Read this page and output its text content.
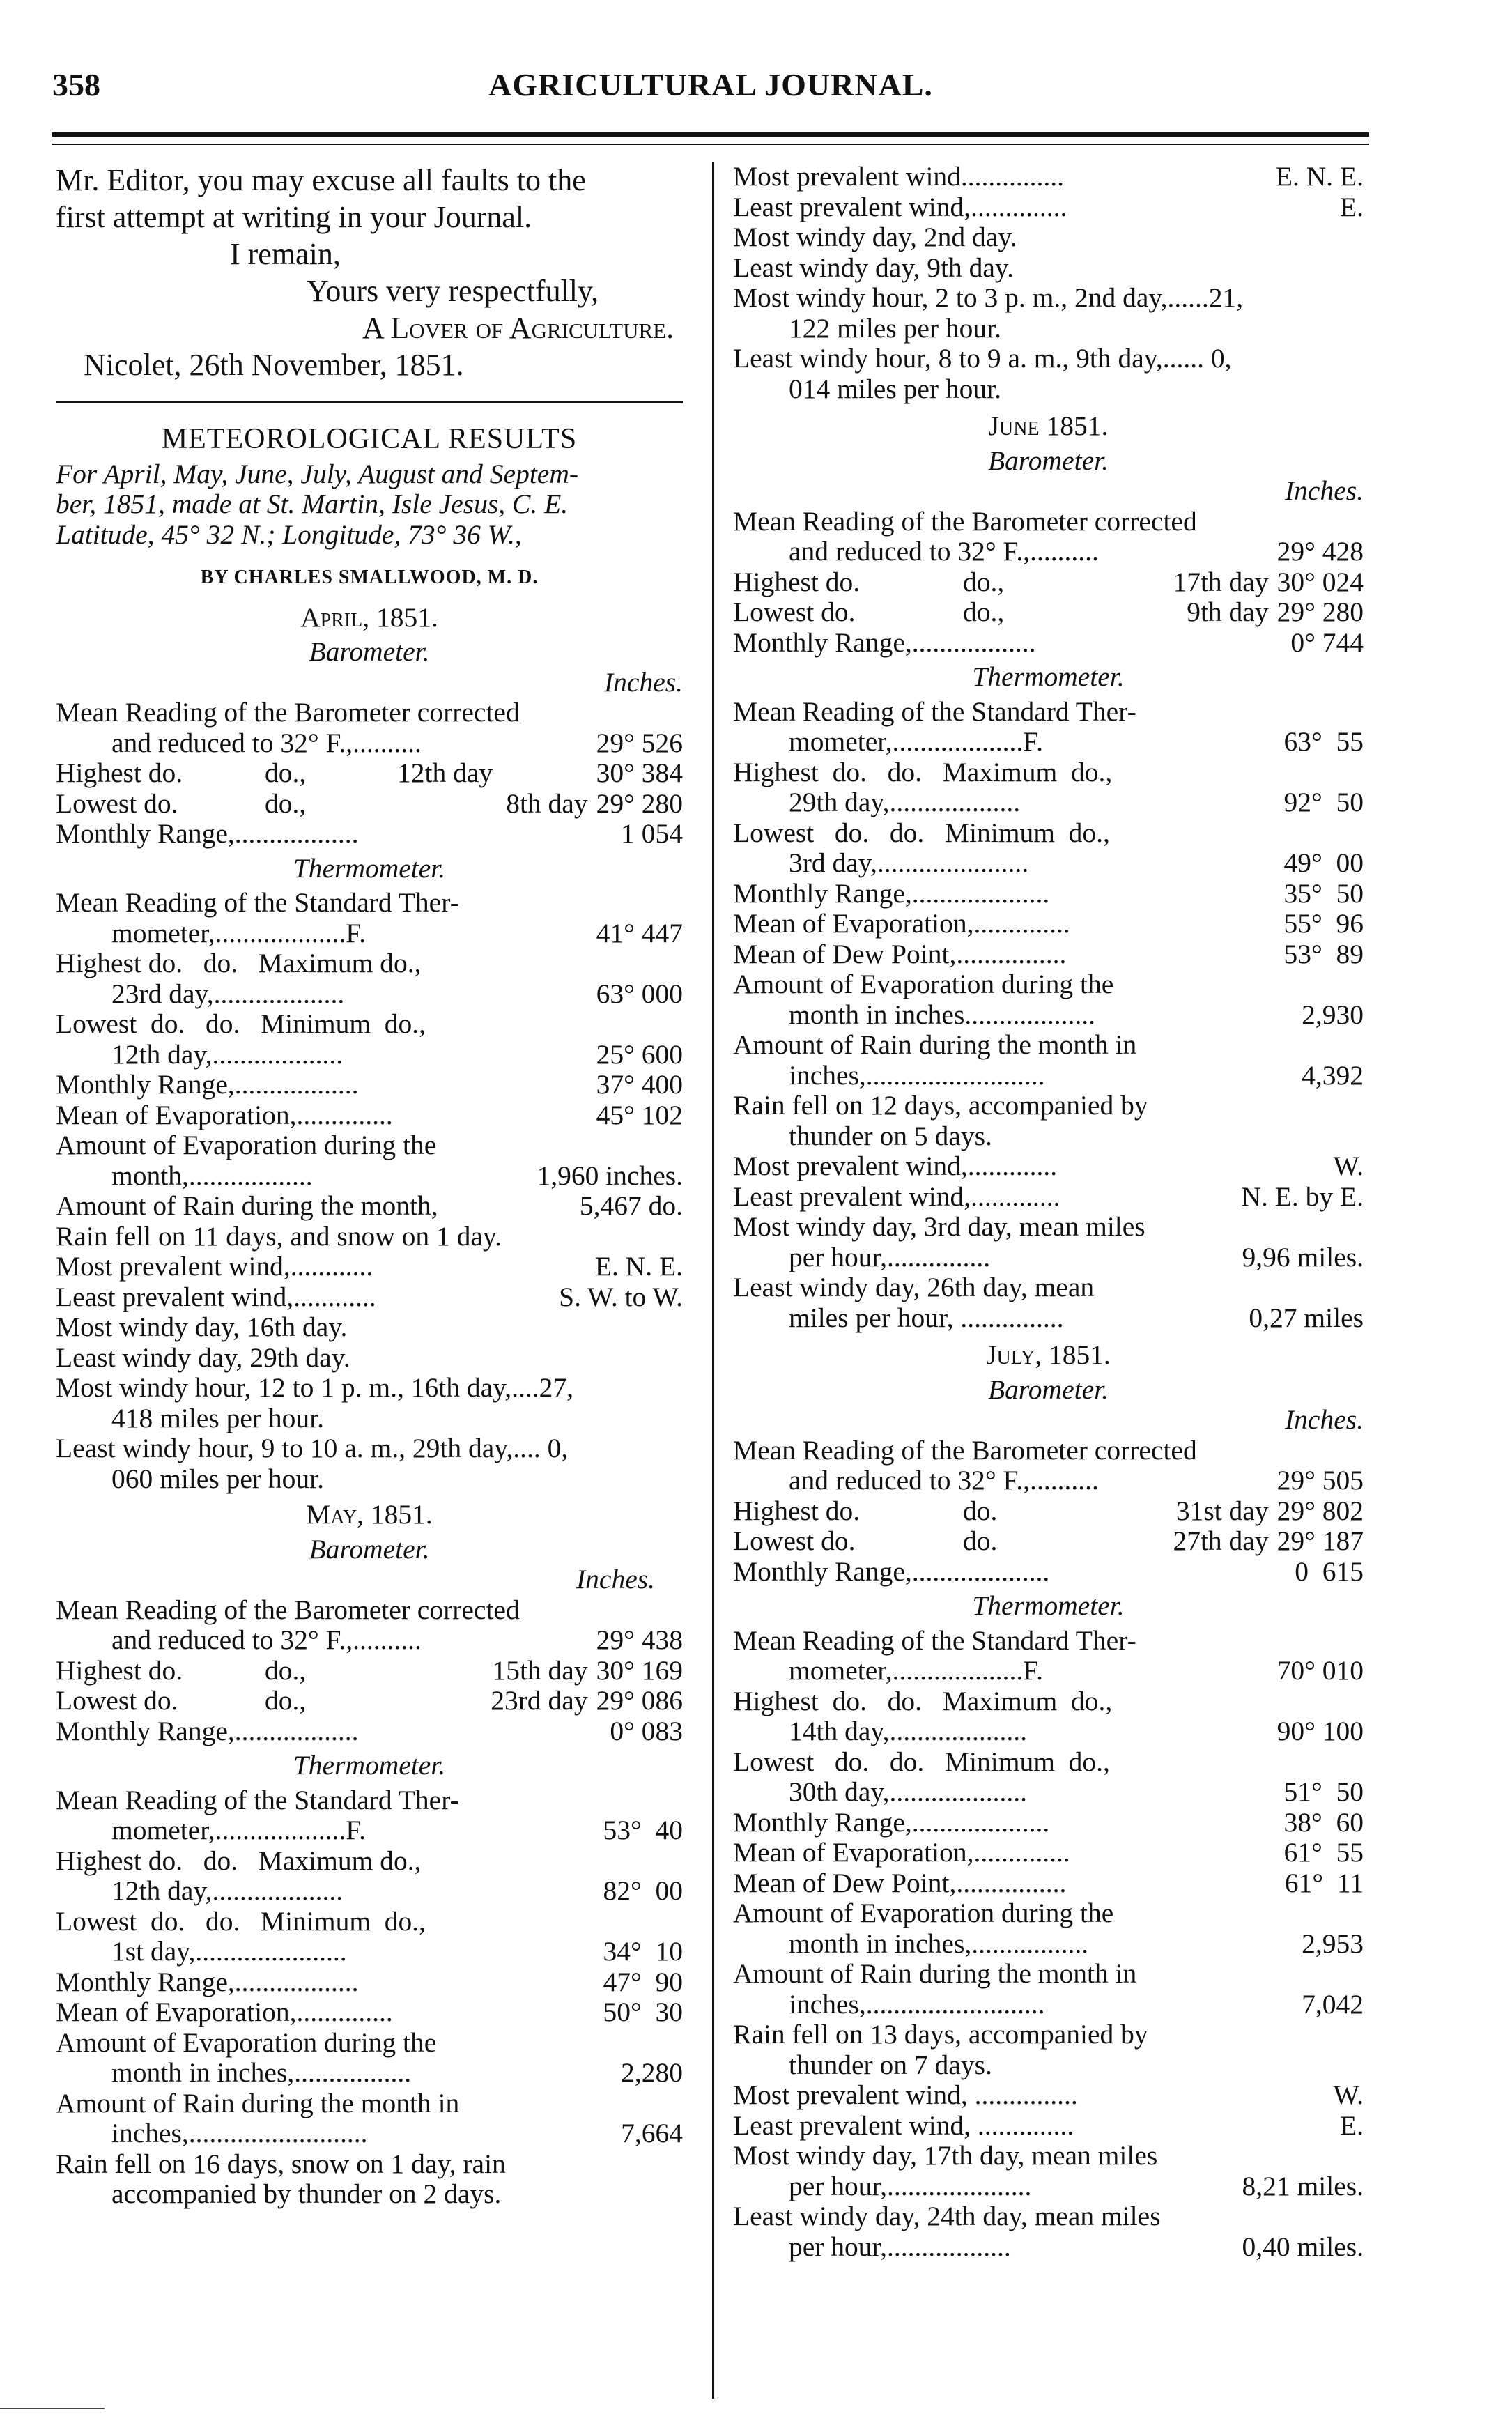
358	AGRICULTURAL JOURNAL.

Mr. Editor, you may excuse all faults to the

first attempt at writing in your Journal.

I remain,

Yours very respectfully,

A Lover of Agriculture.

Nicolet, 26th November, 1851.

METEOROLOGICAL RESULTS

For April, May, June, July, August and Septem-

ber, 1851, made at St. Martin, Isle Jesus, C. E.

Latitude, 45° 32 N.; Longitude, 73° 36 W.,

BY CHARLES SMALLWOOD, M. D.

April, 1851.

Barometer.

Inches.

Mean Reading of the Barometer corrected

and reduced to 32° F.,..........	29° 526
Highest do.	do.,	12th day	30° 384
Lowest do.	do.,	8th day 29° 280
Monthly Range,..................	1 054

Thermometer.

Mean Reading of the Standard Ther-

mometer,...................F.	41° 447

Highest do.   do.   Maximum do.,

23rd day,...................	63° 000

Lowest  do.   do.   Minimum  do.,

12th day,...................	25° 600
Monthly Range,..................	37° 400
Mean of Evaporation,..............	45° 102

Amount of Evaporation during the

month,..................	1,960 inches.
Amount of Rain during the month,	5,467 do.

Rain fell on 11 days, and snow on 1 day.

Most prevalent wind,............	E. N. E.
Least prevalent wind,............	S. W. to W.

Most windy day, 16th day.

Least windy day, 29th day.

Most windy hour, 12 to 1 p. m., 16th day,....27,

418 miles per hour.

Least windy hour, 9 to 10 a. m., 29th day,.... 0,

060 miles per hour.

May, 1851.

Barometer.

Inches.

Mean Reading of the Barometer corrected

and reduced to 32° F.,..........	29° 438
Highest do.	do.,	15th day 30° 169
Lowest do.	do.,	23rd day 29° 086
Monthly Range,..................	0° 083

Thermometer.

Mean Reading of the Standard Ther-

mometer,...................F.	53°  40

Highest do.   do.   Maximum do.,

12th day,...................	82°  00

Lowest  do.   do.   Minimum  do.,

1st day,......................	34°  10
Monthly Range,..................	47°  90
Mean of Evaporation,..............	50°  30

Amount of Evaporation during the

month in inches,.................	2,280

Amount of Rain during the month in

inches,..........................	7,664

Rain fell on 16 days, snow on 1 day, rain

accompanied by thunder on 2 days.

Most prevalent wind...............	E. N. E.
Least prevalent wind,..............	E.

Most windy day, 2nd day.

Least windy day, 9th day.

Most windy hour, 2 to 3 p. m., 2nd day,......21,

122 miles per hour.

Least windy hour, 8 to 9 a. m., 9th day,...... 0,

014 miles per hour.

June 1851.

Barometer.

Inches.

Mean Reading of the Barometer corrected

and reduced to 32° F.,..........	29° 428
Highest do.	do.,	17th day 30° 024
Lowest do.	do.,	9th day 29° 280
Monthly Range,..................	0° 744

Thermometer.

Mean Reading of the Standard Ther-

mometer,...................F.	63°  55

Highest  do.   do.   Maximum  do.,

29th day,...................	92°  50

Lowest   do.   do.   Minimum  do.,

3rd day,......................	49°  00
Monthly Range,....................	35°  50
Mean of Evaporation,..............	55°  96
Mean of Dew Point,................	53°  89

Amount of Evaporation during the

month in inches...................	2,930

Amount of Rain during the month in

inches,..........................	4,392

Rain fell on 12 days, accompanied by

thunder on 5 days.

Most prevalent wind,.............	W.
Least prevalent wind,.............	N. E. by E.

Most windy day, 3rd day, mean miles

per hour,...............	9,96 miles.

Least windy day, 26th day, mean

miles per hour, ...............	0,27 miles

July, 1851.

Barometer.

Inches.

Mean Reading of the Barometer corrected

and reduced to 32° F.,..........	29° 505
Highest do.	do.	31st day 29° 802
Lowest do.	do.	27th day 29° 187
Monthly Range,....................	0  615

Thermometer.

Mean Reading of the Standard Ther-

mometer,...................F.	70° 010

Highest  do.   do.   Maximum  do.,

14th day,....................	90° 100

Lowest   do.   do.   Minimum  do.,

30th day,....................	51°  50
Monthly Range,....................	38°  60
Mean of Evaporation,..............	61°  55
Mean of Dew Point,................	61°  11

Amount of Evaporation during the

month in inches,.................	2,953

Amount of Rain during the month in

inches,..........................	7,042

Rain fell on 13 days, accompanied by

thunder on 7 days.

Most prevalent wind, ...............	W.
Least prevalent wind, ..............	E.

Most windy day, 17th day, mean miles

per hour,.....................	8,21 miles.

Least windy day, 24th day, mean miles

per hour,..................	0,40 miles.
